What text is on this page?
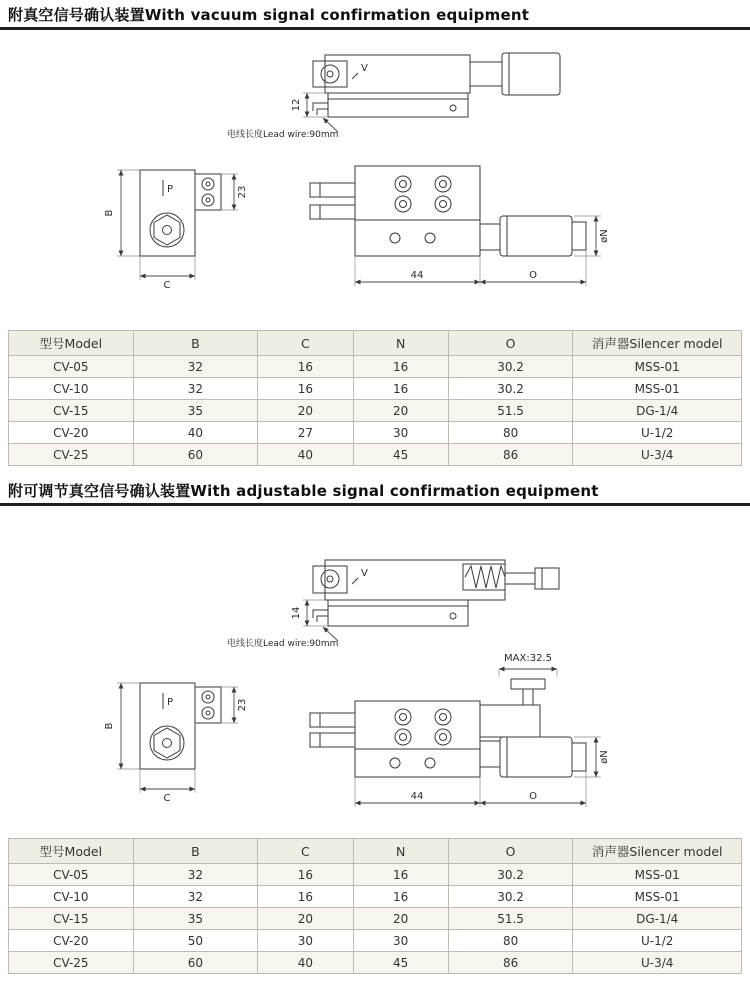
附真空信号确认装置With vacuum signal confirmation equipment
12
V
电线长度Lead wire:90mm
23
B
C
P
øN
44	O
型号Model	B	C	N	O	消声器Silencer model
CV-05	32	16	16	30.2	MSS-01
CV-10	32	16	16	30.2	MSS-01
CV-15	35	20	20	51.5	DG-1/4
CV-20	40	27	30	80	U-1/2
CV-25	60	40	45	86	U-3/4
附可调节真空信号确认装置With adjustable signal confirmation equipment
14
V
电线长度Lead wire:90mm
23
B
C
P
MAX:32.5
øN
44	O
型号Model	B	C	N	O	消声器Silencer model
CV-05	32	16	16	30.2	MSS-01
CV-10	32	16	16	30.2	MSS-01
CV-15	35	20	20	51.5	DG-1/4
CV-20	50	30	30	80	U-1/2
CV-25	60	40	45	86	U-3/4
